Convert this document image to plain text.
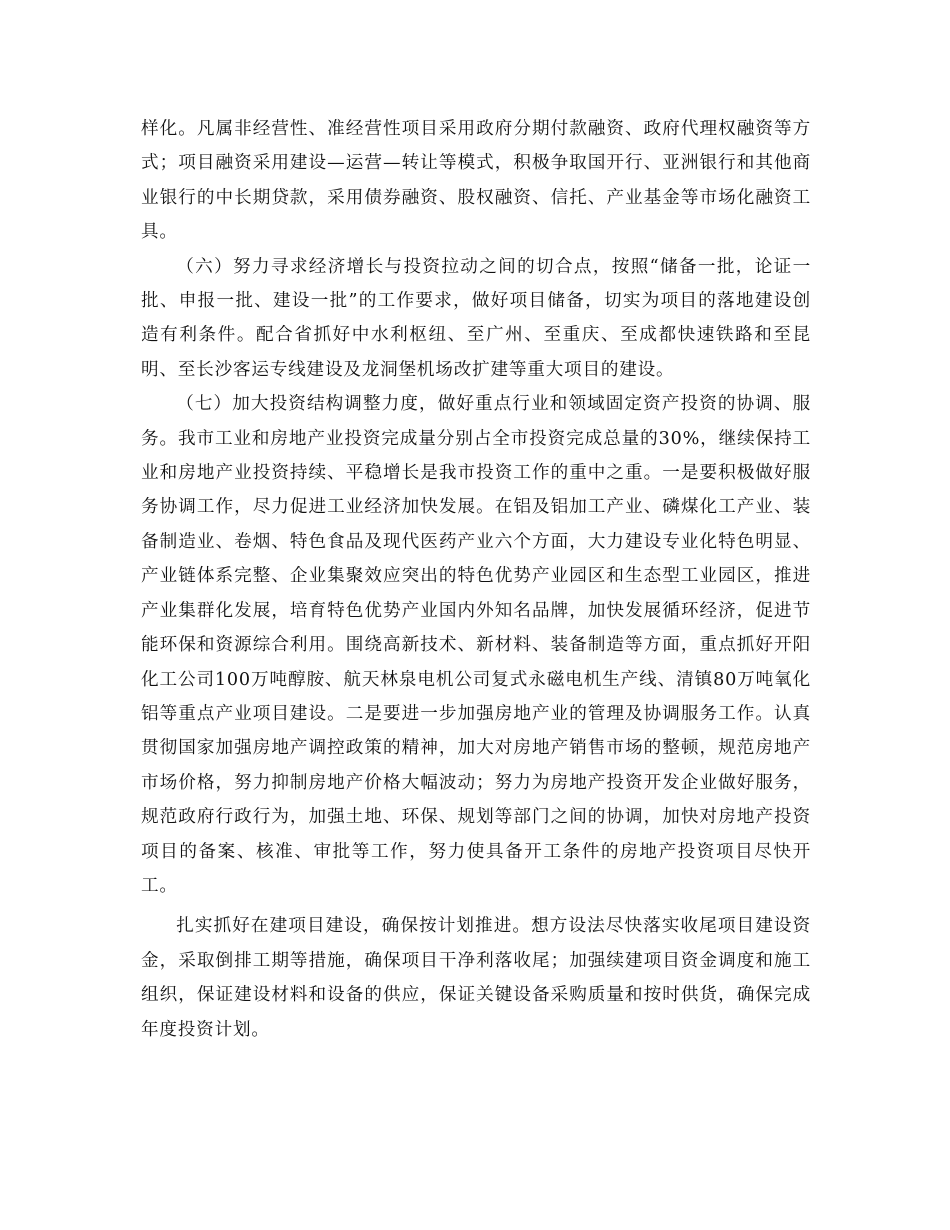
样化。凡属非经营性、准经营性项目采用政府分期付款融资、政府代理权融资等方式；项目融资采用建设—运营—转让等模式，积极争取国开行、亚洲银行和其他商业银行的中长期贷款，采用债券融资、股权融资、信托、产业基金等市场化融资工具。

（六）努力寻求经济增长与投资拉动之间的切合点，按照“储备一批，论证一批、申报一批、建设一批”的工作要求，做好项目储备，切实为项目的落地建设创造有利条件。配合省抓好中水利枢纽、至广州、至重庆、至成都快速铁路和至昆明、至长沙客运专线建设及龙洞堡机场改扩建等重大项目的建设。

（七）加大投资结构调整力度，做好重点行业和领域固定资产投资的协调、服务。我市工业和房地产业投资完成量分别占全市投资完成总量的30%，继续保持工业和房地产业投资持续、平稳增长是我市投资工作的重中之重。一是要积极做好服务协调工作，尽力促进工业经济加快发展。在铝及铝加工产业、磷煤化工产业、装备制造业、卷烟、特色食品及现代医药产业六个方面，大力建设专业化特色明显、产业链体系完整、企业集聚效应突出的特色优势产业园区和生态型工业园区，推进产业集群化发展，培育特色优势产业国内外知名品牌，加快发展循环经济，促进节能环保和资源综合利用。围绕高新技术、新材料、装备制造等方面，重点抓好开阳化工公司100万吨醇胺、航天林泉电机公司复式永磁电机生产线、清镇80万吨氧化铝等重点产业项目建设。二是要进一步加强房地产业的管理及协调服务工作。认真贯彻国家加强房地产调控政策的精神，加大对房地产销售市场的整顿，规范房地产市场价格，努力抑制房地产价格大幅波动；努力为房地产投资开发企业做好服务，规范政府行政行为，加强土地、环保、规划等部门之间的协调，加快对房地产投资项目的备案、核准、审批等工作，努力使具备开工条件的房地产投资项目尽快开工。

扎实抓好在建项目建设，确保按计划推进。想方设法尽快落实收尾项目建设资金，采取倒排工期等措施，确保项目干净利落收尾；加强续建项目资金调度和施工组织，保证建设材料和设备的供应，保证关键设备采购质量和按时供货，确保完成年度投资计划。
